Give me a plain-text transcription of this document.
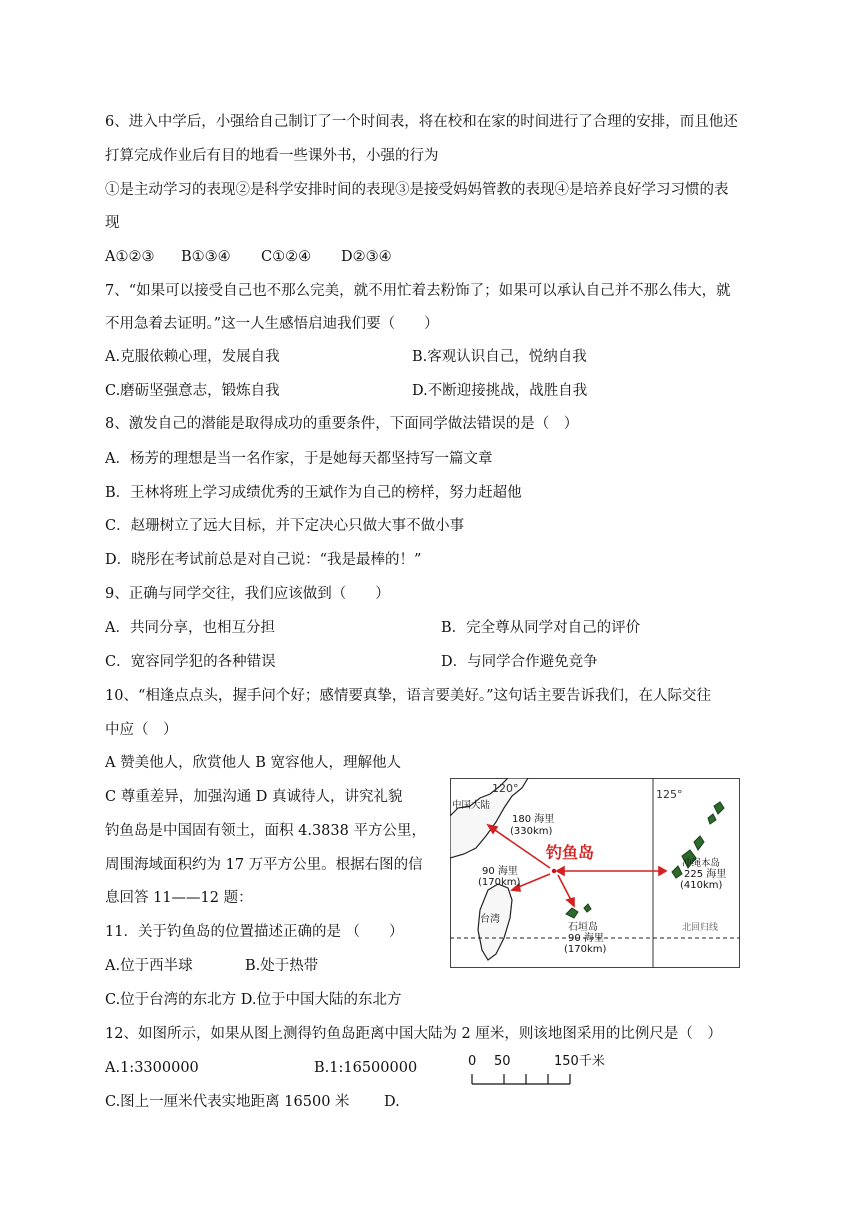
6、进入中学后，小强给自己制订了一个时间表，将在校和在家的时间进行了合理的安排，而且他还
打算完成作业后有目的地看一些课外书，小强的行为
①是主动学习的表现②是科学安排时间的表现③是接受妈妈管教的表现④是培养良好学习习惯的表
现
A①②③ B①③④ C①②④ D②③④
7、“如果可以接受自己也不那么完美，就不用忙着去粉饰了；如果可以承认自己并不那么伟大，就
不用急着去证明。”这一人生感悟启迪我们要（　　）
A.克服依赖心理，发展自我	B.客观认识自己，悦纳自我
C.磨砺坚强意志，锻炼自我	D.不断迎接挑战，战胜自我
8、激发自己的潜能是取得成功的重要条件，下面同学做法错误的是（　）
A．杨芳的理想是当一名作家，于是她每天都坚持写一篇文章
B．王林将班上学习成绩优秀的王斌作为自己的榜样，努力赶超他
C．赵珊树立了远大目标，并下定决心只做大事不做小事
D．晓彤在考试前总是对自己说：“我是最棒的！”
9、正确与同学交往，我们应该做到（　　）
A．共同分享，也相互分担	B．完全尊从同学对自己的评价
C．宽容同学犯的各种错误	D．与同学合作避免竞争
10、“相逢点点头，握手问个好；感情要真挚，语言要美好。”这句话主要告诉我们，在人际交往
中应（　）
A 赞美他人，欣赏他人 B 宽容他人，理解他人
C 尊重差异，加强沟通 D 真诚待人，讲究礼貌
钓鱼岛是中国固有领土，面积 4.3838 平方公里，
周围海域面积约为 17 万平方公里。根据右图的信
息回答 11——12 题：
11．关于钓鱼岛的位置描述正确的是 （　　）
A.位于西半球	B.处于热带
C.位于台湾的东北方 D.位于中国大陆的东北方
12、如图所示，如果从图上测得钓鱼岛距离中国大陆为 2 厘米，则该地图采用的比例尺是（　）
A.1:3300000	B.1:16500000
C.图上一厘米代表实地距离 16500 米 D.
120°	125°
中国大陆
180 海里
(330km)
钓鱼岛
90 海里
(170km)
台湾
石垣岛
90 海里
(170km)
冲绳本岛
225 海里
(410km)
北回归线
0 50	150千米
